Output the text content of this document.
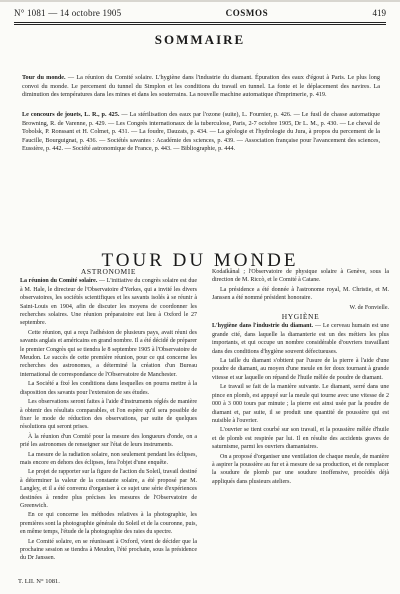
N° 1081 — 14 octobre 1905	COSMOS	419
SOMMAIRE
Tour du monde. — La réunion du Comité solaire. L'hygiène dans l'industrie du diamant. Épuration des eaux d'égout à Paris. Le plus long convoi du monde. Le percement du tunnel du Simplon et les conditions du travail en tunnel. La fonte et le déplacement des navires. La diminution des températures dans les mines et dans les souterrains. La nouvelle machine automatique d'imprimerie, p. 419.
Le concours de jouets, L. R., p. 425. — La stérilisation des eaux par l'ozone (suite), L. Fournier, p. 426. — Le fusil de chasse automatique Browning, R. de Varenne, p. 429. — Les Congrès internationaux de la tuberculose, Paris, 2-7 octobre 1905, Dr L. M., p. 430. — Le cheval de Tobolsk, P. Ronssant et H. Colmet, p. 431. — La foudre, Dauzats, p. 434. — La géologie et l'hydrologie du Jura, à propos du percement de la Faucille, Bourguignat, p. 436. — Sociétés savantes : Académie des sciences, p. 439. — Association française pour l'avancement des sciences, Eussière, p. 442. — Société astronomique de France, p. 443. — Bibliographie, p. 444.
TOUR DU MONDE

ASTRONOMIE

La réunion du Comité solaire. — L'initiative du congrès solaire est due à M. Hale, le directeur de l'Observatoire d'Yerkes, qui a invité les divers observatoires, les sociétés scientifiques et les savants isolés à se réunir à Saint-Louis en 1904, afin de discuter les moyens de coordonner les recherches solaires. Une réunion préparatoire eut lieu à Oxford le 27 septembre.

Cette réunion, qui a reçu l'adhésion de plusieurs pays, avait réuni des savants anglais et américains en grand nombre. Il a été décidé de préparer le premier Congrès qui se tiendra le 8 septembre 1905 à l'Observatoire de Meudon. Le succès de cette première réunion, pour ce qui concerne les recherches des astronomes, a déterminé la création d'un Bureau international de correspondance de l'Observatoire de Manchester.

La Société a fixé les conditions dans lesquelles on pourra mettre à la disposition des savants pour l'extension de ses études.

Les observations seront faites à l'aide d'instruments réglés de manière à obtenir des résultats comparables, et l'on espère qu'il sera possible de fixer le mode de réduction des observations, par suite de quelques résolutions qui seront prises.

À la réunion d'un Comité pour la mesure des longueurs d'onde, on a prié les astronomes de renseigner sur l'état de leurs instruments.

La mesure de la radiation solaire, non seulement pendant les éclipses, mais encore en dehors des éclipses, fera l'objet d'une enquête.

Le projet de rapporter sur la figure de l'action du Soleil, travail destiné à déterminer la valeur de la constante solaire, a été proposé par M. Langley, et il a été convenu d'organiser à ce sujet une série d'expériences destinées à rendre plus précises les mesures de l'Observatoire de Greenwich.

En ce qui concerne les méthodes relatives à la photographie, les premières sont la photographie générale du Soleil et de la couronne, puis, en même temps, l'étude de la photographie des raies du spectre.

Le Comité solaire, en se réunissant à Oxford, vient de décider que la prochaine session se tiendra à Meudon, l'été prochain, sous la présidence du Dr Janssen.

Kodaïkânal ; l'Observatoire de physique solaire à Genève, sous la direction de M. Riccò, et le Comité à Catane.

La présidence a été donnée à l'astronome royal, M. Christie, et M. Janssen a été nommé président honoraire.

W. de Fonvielle.

HYGIÈNE

L'hygiène dans l'industrie du diamant. — Le cerveau humain est une grande cité, dans laquelle la diamanterie est un des métiers les plus importants, et qui occupe un nombre considérable d'ouvriers travaillant dans des conditions d'hygiène souvent défectueuses.

La taille du diamant s'obtient par l'usure de la pierre à l'aide d'une poudre de diamant, au moyen d'une meule en fer doux tournant à grande vitesse et sur laquelle on répand de l'huile mêlée de poudre de diamant.

Le travail se fait de la manière suivante. Le diamant, serré dans une pince en plomb, est appuyé sur la meule qui tourne avec une vitesse de 2 000 à 3 000 tours par minute ; la pierre est ainsi usée par la poudre de diamant et, par suite, il se produit une quantité de poussière qui est nuisible à l'ouvrier.

L'ouvrier se tient courbé sur son travail, et la poussière mêlée d'huile et de plomb est respirée par lui. Il en résulte des accidents graves de saturnisme, parmi les ouvriers diamantaires.

On a proposé d'organiser une ventilation de chaque meule, de manière à aspirer la poussière au fur et à mesure de sa production, et de remplacer la soudure de plomb par une soudure inoffensive, procédés déjà appliqués dans plusieurs ateliers.

T. LII. N° 1081.
